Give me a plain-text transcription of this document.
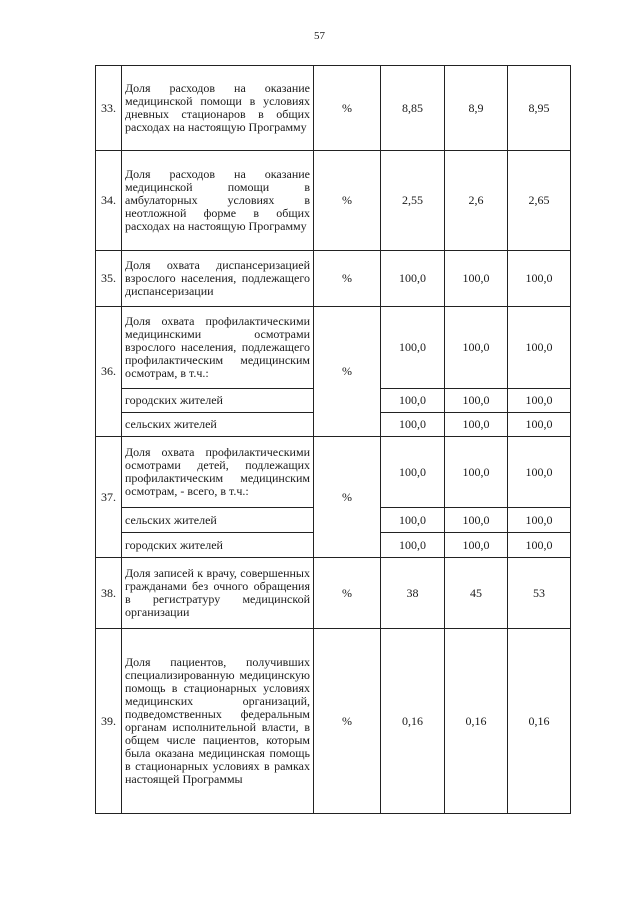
57
33.	Доля расходов на оказание медицинской помощи в условиях дневных стационаров в общих расходах на настоящую Программу	%	8,85	8,9	8,95
34.	Доля расходов на оказание медицинской помощи в амбулаторных условиях в неотложной форме в общих расходах на настоящую Программу	%	2,55	2,6	2,65
35.	Доля охвата диспансеризацией взрослого населения, подлежащего диспансеризации	%	100,0	100,0	100,0
36.	Доля охвата профилактическими медицинскими осмотрами взрослого населения, подлежащего профилактическим медицинским осмотрам, в т.ч.:	%	100,0	100,0	100,0
	городских жителей		100,0	100,0	100,0
	сельских жителей		100,0	100,0	100,0
37.	Доля охвата профилактическими осмотрами детей, подлежащих профилактическим медицинским осмотрам, - всего, в т.ч.:	%	100,0	100,0	100,0
	сельских жителей		100,0	100,0	100,0
	городских жителей		100,0	100,0	100,0
38.	Доля записей к врачу, совершенных гражданами без очного обращения в регистратуру медицинской организации	%	38	45	53
39.	Доля пациентов, получивших специализированную медицинскую помощь в стационарных условиях медицинских организаций, подведомственных федеральным органам исполнительной власти, в общем числе пациентов, которым была оказана медицинская помощь в стационарных условиях в рамках настоящей Программы	%	0,16	0,16	0,16
